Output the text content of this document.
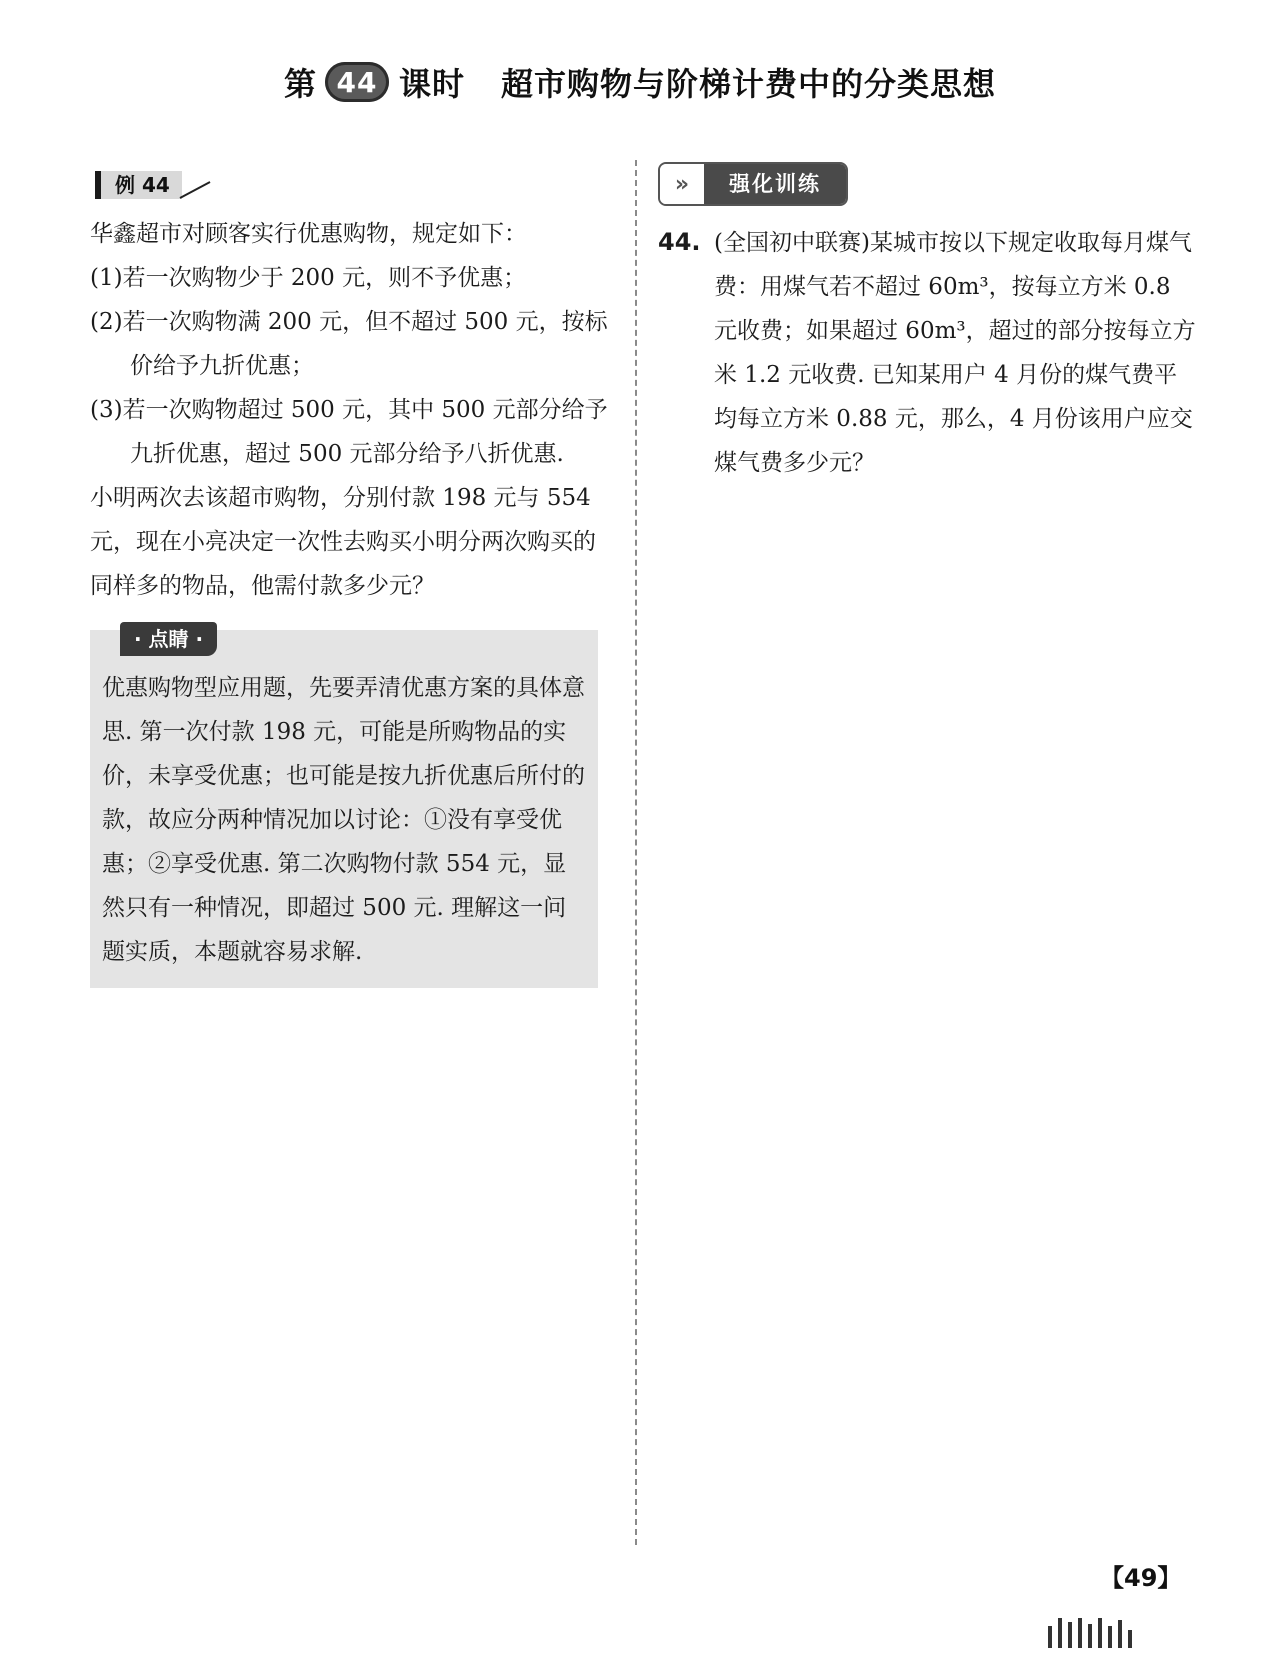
第 44 课时 超市购物与阶梯计费中的分类思想
例 44

华鑫超市对顾客实行优惠购物，规定如下：

(1)若一次购物少于 200 元，则不予优惠；

(2)若一次购物满 200 元，但不超过 500 元，按标价给予九折优惠；

(3)若一次购物超过 500 元，其中 500 元部分给予九折优惠，超过 500 元部分给予八折优惠.

小明两次去该超市购物，分别付款 198 元与 554 元，现在小亮决定一次性去购买小明分两次购买的同样多的物品，他需付款多少元？

· 点睛 ·

优惠购物型应用题，先要弄清优惠方案的具体意思. 第一次付款 198 元，可能是所购物品的实价，未享受优惠；也可能是按九折优惠后所付的款，故应分两种情况加以讨论：①没有享受优惠；②享受优惠. 第二次购物付款 554 元，显然只有一种情况，即超过 500 元. 理解这一问题实质，本题就容易求解.

»	强化训练

44. (全国初中联赛)某城市按以下规定收取每月煤气费：用煤气若不超过 60m³，按每立方米 0.8 元收费；如果超过 60m³，超过的部分按每立方米 1.2 元收费. 已知某用户 4 月份的煤气费平均每立方米 0.88 元，那么，4 月份该用户应交煤气费多少元？

【49】
